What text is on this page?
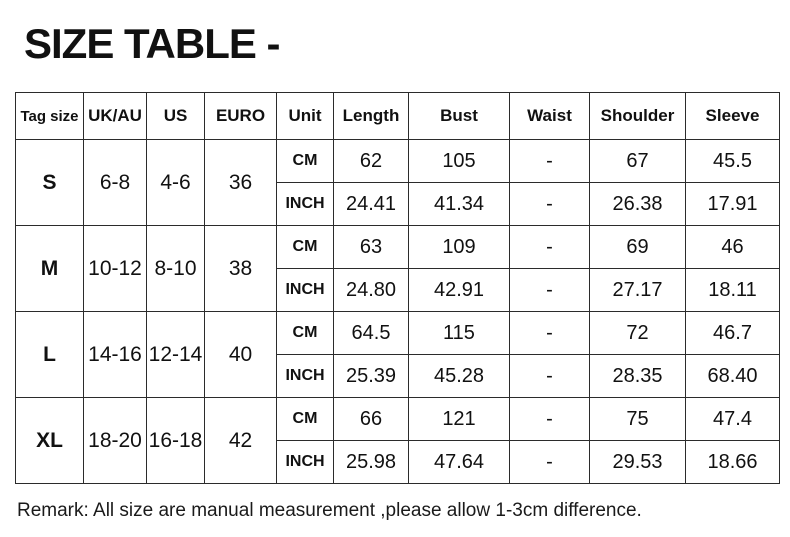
SIZE TABLE -
Tag size	UK/AU	US	EURO	Unit	Length	Bust	Waist	Shoulder	Sleeve
S	6-8	4-6	36	CM	62	105	-	67	45.5
				INCH	24.41	41.34	-	26.38	17.91
M	10-12	8-10	38	CM	63	109	-	69	46
				INCH	24.80	42.91	-	27.17	18.11
L	14-16	12-14	40	CM	64.5	115	-	72	46.7
				INCH	25.39	45.28	-	28.35	68.40
XL	18-20	16-18	42	CM	66	121	-	75	47.4
				INCH	25.98	47.64	-	29.53	18.66

Remark: All size are manual measurement ,please allow 1-3cm difference.
